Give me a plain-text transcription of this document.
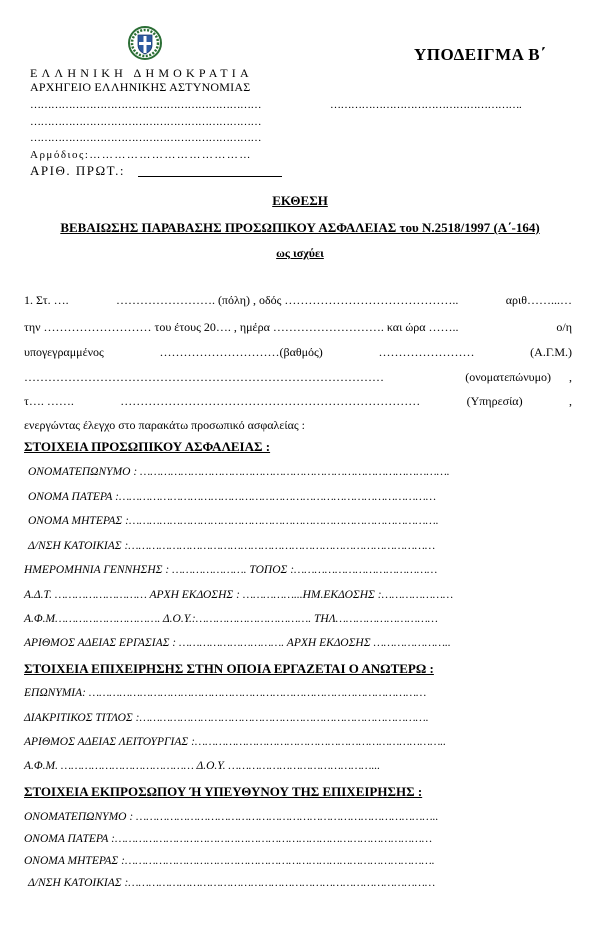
ΥΠΟΔΕΙΓΜΑ Β΄
ΕΛΛΗΝΙΚΗ ΔΗΜΟΚΡΑΤΙΑ
ΑΡΧΗΓΕΙΟ ΕΛΛΗΝΙΚΗΣ ΑΣΤΥΝΟΜΙΑΣ
…………………………………………………………	……………………………………………….
…………………………………………………………
…………………………………………………………
Αρμόδιος:…………………………………
ΑΡΙΘ. ΠΡΩΤ.:
ΕΚΘΕΣΗ
ΒΕΒΑΙΩΣΗΣ ΠΑΡΑΒΑΣΗΣ ΠΡΟΣΩΠΙΚΟΥ ΑΣΦΑΛΕΙΑΣ του Ν.2518/1997 (Α΄-164)
ως ισχύει
1. Στ. ….	……………………. (πόλη) , οδός ……………………………………..	αριθ……...…
την ……………………… του έτους 20…. , ημέρα ………………………. και ώρα ……..	ο/η
υπογεγραμμένος	…………………………(βαθμός)	……………………	(Α.Γ.Μ.)
………………………………………………………………………………	(ονοματεπώνυμο) ,
τ…. …….	…………………………………………………………………	(Υπηρεσία)	,
ενεργώντας έλεγχο στο παρακάτω προσωπικό ασφαλείας :
ΣΤΟΙΧΕΙΑ ΠΡΟΣΩΠΙΚΟΥ ΑΣΦΑΛΕΙΑΣ :
ΟΝΟΜΑΤΕΠΩΝΥΜΟ : ……………………………………………………………………………….
ΟΝΟΜΑ ΠΑΤΕΡΑ :…………………………………………………………………………………
ΟΝΟΜΑ ΜΗΤΕΡΑΣ :……………………………………………………………………………….
Δ/ΝΣΗ ΚΑΤΟΙΚΙΑΣ :………………………………………………………………………………
ΗΜΕΡΟΜΗΝΙΑ ΓΕΝΝΗΣΗΣ : …………………. ΤΟΠΟΣ :……………………………………
Α.Δ.Τ. ……………………… ΑΡΧΗ ΕΚΔΟΣΗΣ : ……………...ΗΜ.ΕΚΔΟΣΗΣ :…………………
Α.Φ.Μ…………………………. Δ.Ο.Υ.:……………………………. ΤΗΛ…………………………
ΑΡΙΘΜΟΣ ΑΔΕΙΑΣ ΕΡΓΑΣΙΑΣ : …………………………. ΑΡΧΗ ΕΚΔΟΣΗΣ …………………..
ΣΤΟΙΧΕΙΑ ΕΠΙΧΕΙΡΗΣΗΣ ΣΤΗΝ ΟΠΟΙΑ ΕΡΓΑΖΕΤΑΙ Ο ΑΝΩΤΕΡΩ :
ΕΠΩΝΥΜΙΑ: ………………………………………………………………………………………
ΔΙΑΚΡΙΤΙΚΟΣ ΤΙΤΛΟΣ :………………………………………………………………………….
ΑΡΙΘΜΟΣ ΑΔΕΙΑΣ ΛΕΙΤΟΥΡΓΙΑΣ :………………………………………………………………..
Α.Φ.Μ. ………………………………… Δ.Ο.Υ. ……………………………………...
ΣΤΟΙΧΕΙΑ ΕΚΠΡΟΣΩΠΟΥ Ή ΥΠΕΥΘΥΝΟΥ ΤΗΣ ΕΠΙΧΕΙΡΗΣΗΣ :
ΟΝΟΜΑΤΕΠΩΝΥΜΟ : ……………………………………………………………………………..
ΟΝΟΜΑ ΠΑΤΕΡΑ :…………………………………………………………………………………
ΟΝΟΜΑ ΜΗΤΕΡΑΣ :……………………………………………………………………………….
Δ/ΝΣΗ ΚΑΤΟΙΚΙΑΣ :………………………………………………………………………………
